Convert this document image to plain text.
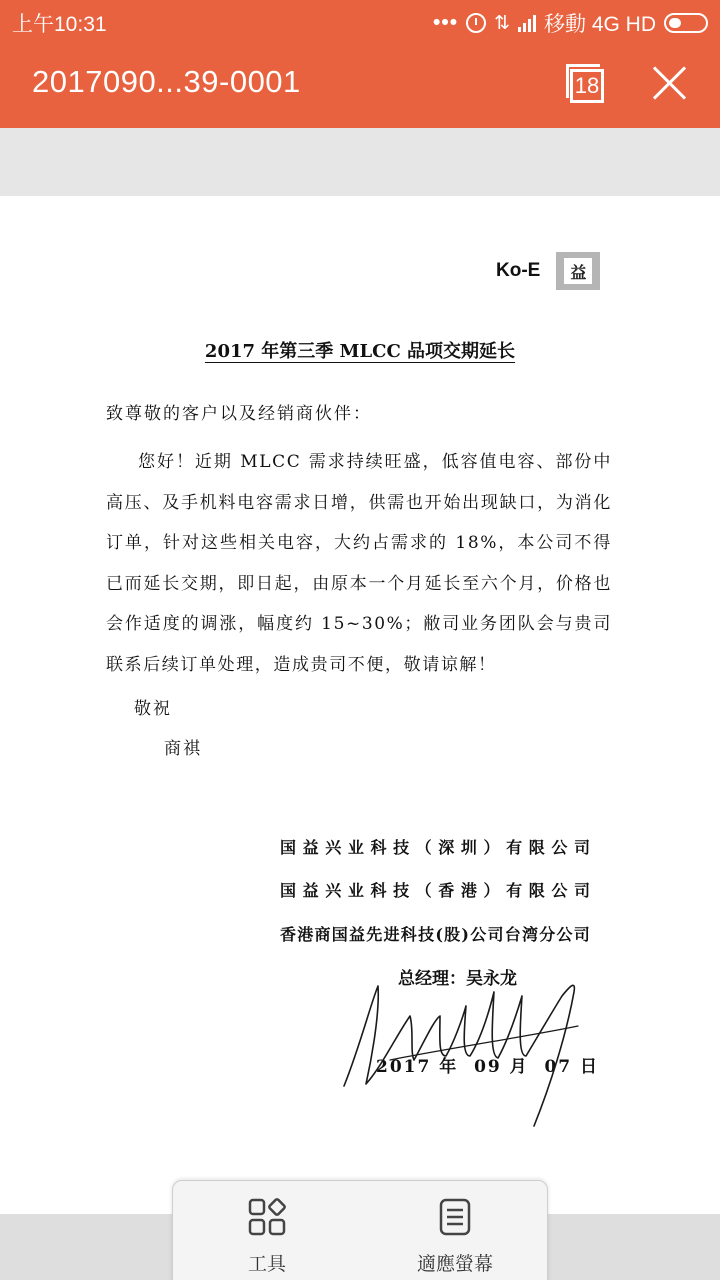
上午10:31	••• ⇅ 移動 4G HD
2017090...39-0001	18
Ko-E	益
2017 年第三季 MLCC 品项交期延长
致尊敬的客户以及经销商伙伴：
您好！近期 MLCC 需求持续旺盛，低容值电容、部份中高压、及手机料电容需求日增，供需也开始出现缺口，为消化订单，针对这些相关电容，大约占需求的 18%，本公司不得已而延长交期，即日起，由原本一个月延长至六个月，价格也会作适度的调涨，幅度约 15~30%；敝司业务团队会与贵司联系后续订单处理，造成贵司不便，敬请谅解！
敬祝
商祺
国益兴业科技（深圳）有限公司
国益兴业科技（香港）有限公司
香港商国益先进科技(股)公司台湾分公司
总经理：吴永龙
2017 年  09 月  07 日
工具	適應螢幕
